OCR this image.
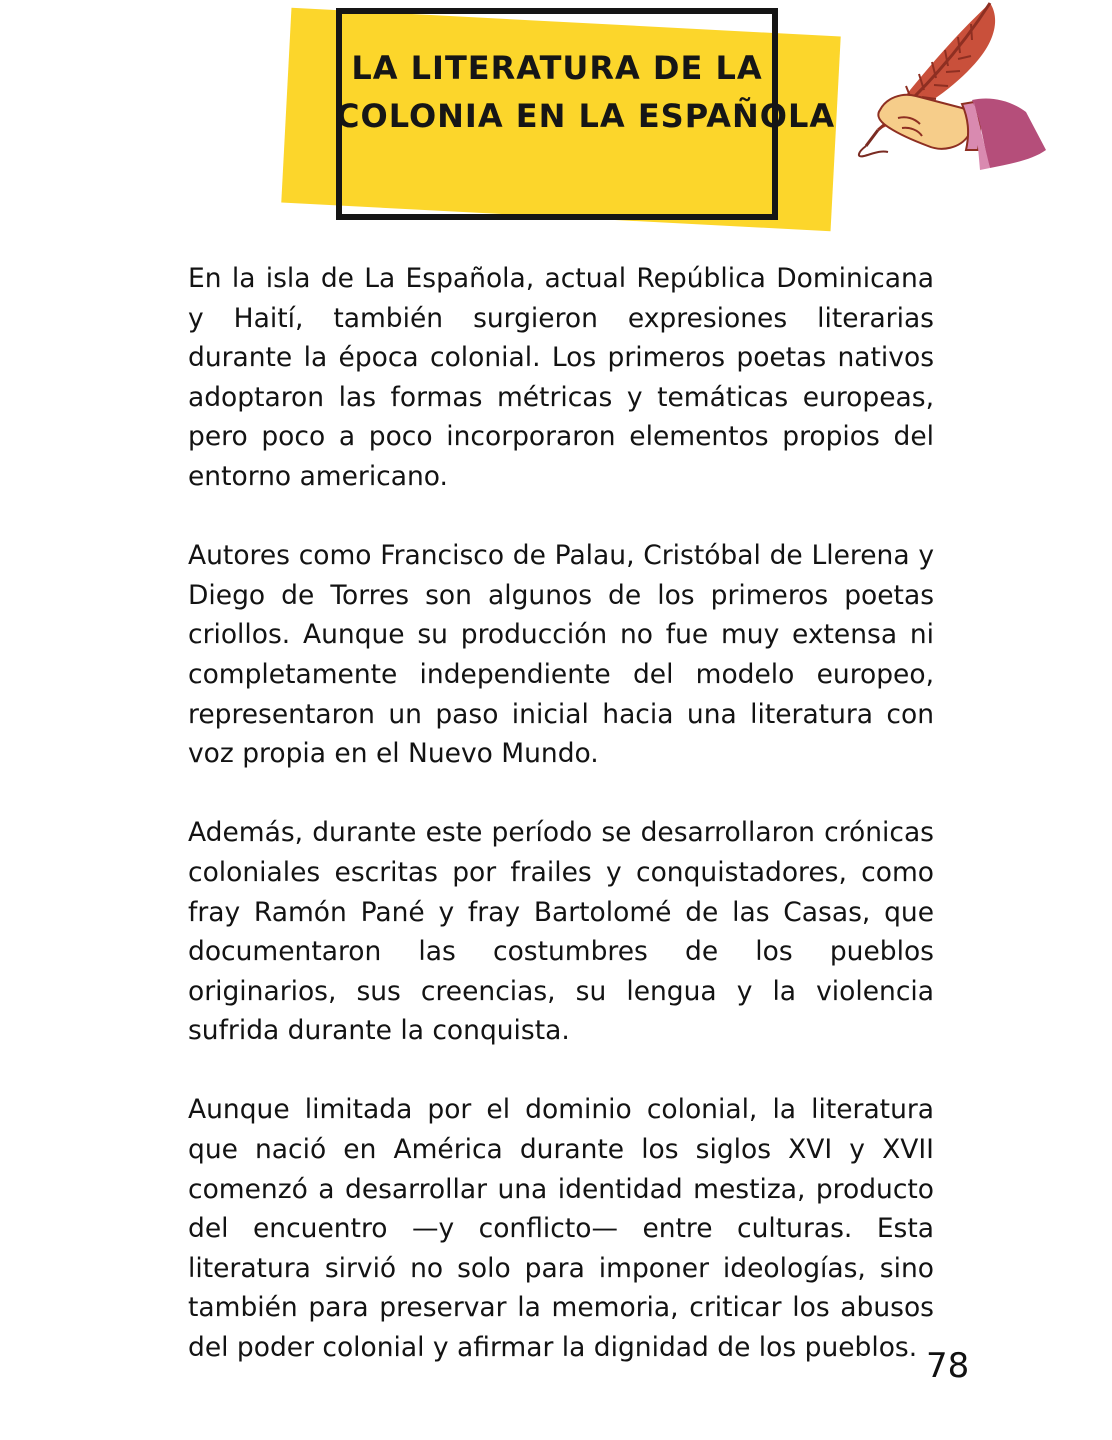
LA LITERATURA DE LA
COLONIA EN LA ESPAÑOLA

En la isla de La Española, actual República Dominicana y Haití, también surgieron expresiones literarias durante la época colonial. Los primeros poetas nativos adoptaron las formas métricas y temáticas europeas, pero poco a poco incorporaron elementos propios del entorno americano.

Autores como Francisco de Palau, Cristóbal de Llerena y Diego de Torres son algunos de los primeros poetas criollos. Aunque su producción no fue muy extensa ni completamente independiente del modelo europeo, representaron un paso inicial hacia una literatura con voz propia en el Nuevo Mundo.

Además, durante este período se desarrollaron crónicas coloniales escritas por frailes y conquistadores, como fray Ramón Pané y fray Bartolomé de las Casas, que documentaron las costumbres de los pueblos originarios, sus creencias, su lengua y la violencia sufrida durante la conquista.

Aunque limitada por el dominio colonial, la literatura que nació en América durante los siglos XVI y XVII comenzó a desarrollar una identidad mestiza, producto del encuentro —y conflicto— entre culturas. Esta literatura sirvió no solo para imponer ideologías, sino también para preservar la memoria, criticar los abusos del poder colonial y afirmar la dignidad de los pueblos. 78
